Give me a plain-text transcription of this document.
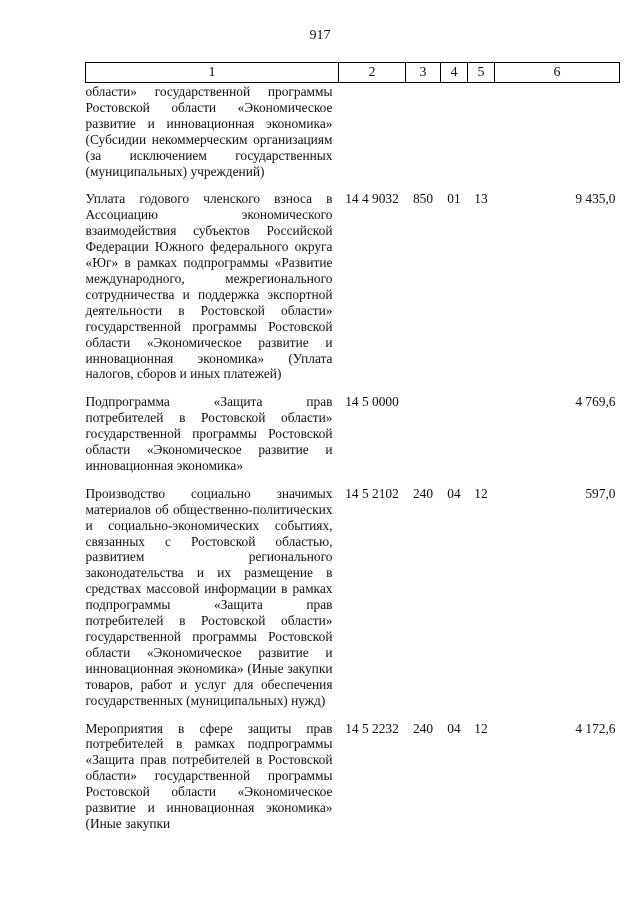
917
1	2	3	4	5	6
области» государственной программы Ростовской области «Экономическое развитие и инновационная экономика» (Субсидии некоммерческим организациям (за исключением государственных (муниципальных) учреждений)					
Уплата годового членского взноса в Ассоциацию экономического взаимодействия субъектов Российской Федерации Южного федерального округа «Юг» в рамках подпрограммы «Развитие международного, межрегионального сотрудничества и поддержка экспортной деятельности в Ростовской области» государственной программы Ростовской области «Экономическое развитие и инновационная экономика» (Уплата налогов, сборов и иных платежей)	14 4 9032	850	01	13	9 435,0
Подпрограмма «Защита прав потребителей в Ростовской области» государственной программы Ростовской области «Экономическое развитие и инновационная экономика»	14 5 0000				4 769,6
Производство социально значимых материалов об общественно-политических и социально-экономических событиях, связанных с Ростовской областью, развитием регионального законодательства и их размещение в средствах массовой информации в рамках подпрограммы «Защита прав потребителей в Ростовской области» государственной программы Ростовской области «Экономическое развитие и инновационная экономика» (Иные закупки товаров, работ и услуг для обеспечения государственных (муниципальных) нужд)	14 5 2102	240	04	12	597,0
Мероприятия в сфере защиты прав потребителей в рамках подпрограммы «Защита прав потребителей в Ростовской области» государственной программы Ростовской области «Экономическое развитие и инновационная экономика» (Иные закупки	14 5 2232	240	04	12	4 172,6
